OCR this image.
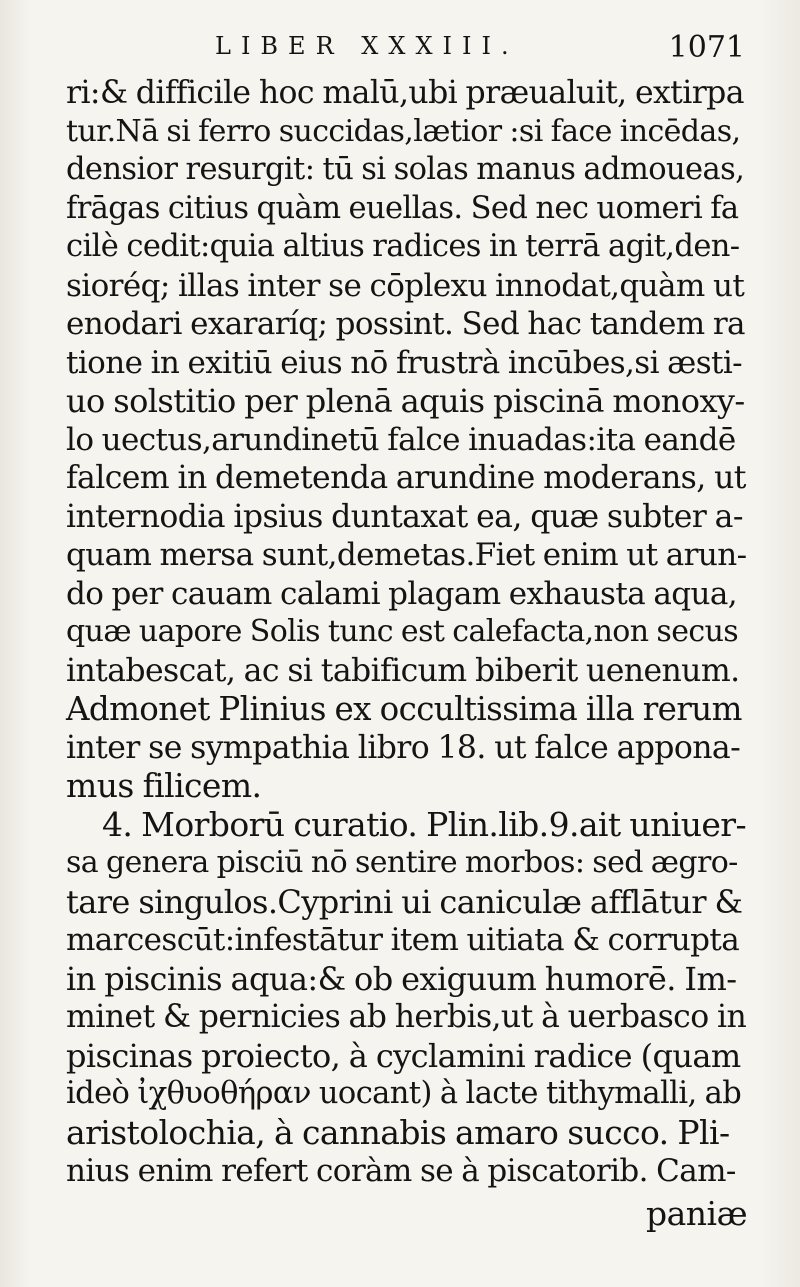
LIBER XXXIII.	1071
ri:& difficile hoc malū,ubi præualuit, extirpa
tur.Nā si ferro succidas,lætior :si face incēdas,
densior resurgit: tū si solas manus admoueas,
frāgas citius quàm euellas. Sed nec uomeri fa
cilè cedit:quia altius radices in terrā agit,den-
sioréq; illas inter se cōplexu innodat,quàm ut
enodari exararíq; possint. Sed hac tandem ra
tione in exitiū eius nō frustrà incūbes,si æsti-
uo solstitio per plenā aquis piscinā monoxy-
lo uectus,arundinetū falce inuadas:ita eandē
falcem in demetenda arundine moderans, ut
internodia ipsius duntaxat ea, quæ subter a-
quam mersa sunt,demetas.Fiet enim ut arun-
do per cauam calami plagam exhausta aqua,
quæ uapore Solis tunc est calefacta,non secus
intabescat, ac si tabificum biberit uenenum.
Admonet Plinius ex occultissima illa rerum
inter se sympathia libro 18. ut falce appona-
mus filicem.
4. Morborū curatio. Plin.lib.9.ait uniuer-
sa genera pisciū nō sentire morbos: sed ægro-
tare singulos.Cyprini ui caniculæ afflātur &
marcescūt:infestātur item uitiata & corrupta
in piscinis aqua:& ob exiguum humorē. Im-
minet & pernicies ab herbis,ut à uerbasco in
piscinas proiecto, à cyclamini radice (quam
ideò ἰχθυοθήραν uocant) à lacte tithymalli, ab
aristolochia, à cannabis amaro succo. Pli-
nius enim refert coràm se à piscatorib. Cam-
paniæ
